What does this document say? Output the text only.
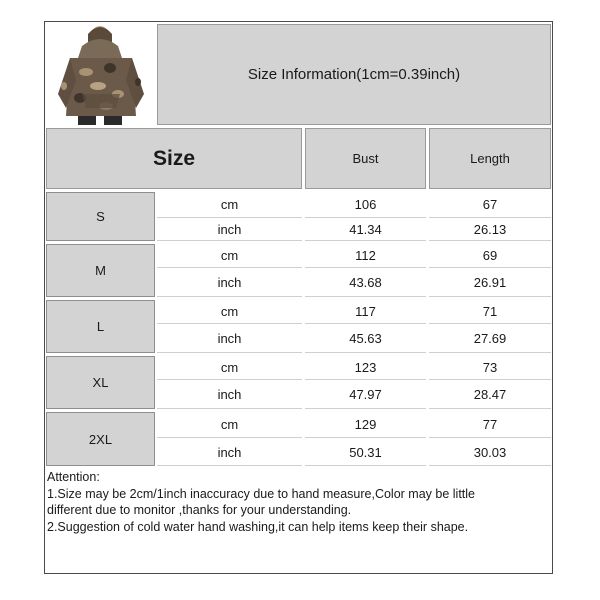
Size Information(1cm=0.39inch)
Size	Bust	Length
S
cm
inch
106
41.34
67
26.13
M
cm
inch
112
43.68
69
26.91
L
cm
inch
117
45.63
71
27.69
XL
cm
inch
123
47.97
73
28.47
2XL
cm
inch
129
50.31
77
30.03

Attention:

1.Size may be 2cm/1inch inaccuracy due to hand measure,Color may be little

different due to monitor ,thanks for your understanding.

2.Suggestion of cold water hand washing,it can help items keep their shape.
